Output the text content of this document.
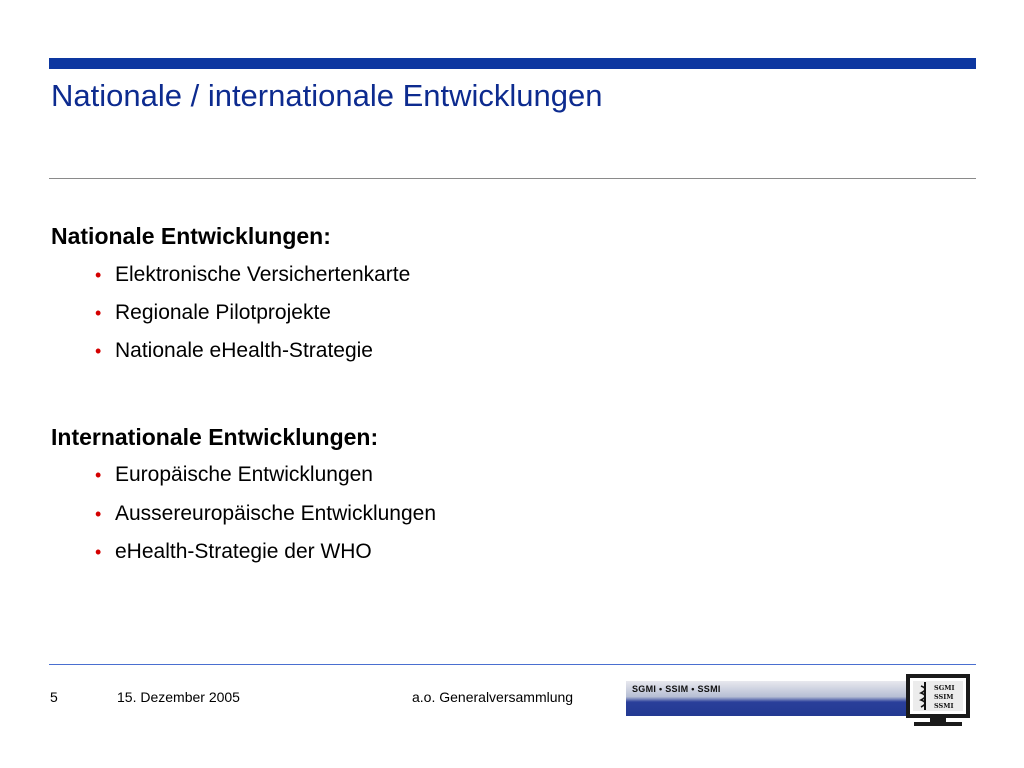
Nationale / internationale Entwicklungen
Nationale Entwicklungen:
• Elektronische Versichertenkarte
• Regionale Pilotprojekte
• Nationale eHealth-Strategie
Internationale Entwicklungen:
• Europäische Entwicklungen
• Aussereuropäische Entwicklungen
• eHealth-Strategie der WHO
5	15. Dezember 2005	a.o. Generalversammlung	SGMI • SSIM • SSMI	SGMI
SSIM
SSMI
